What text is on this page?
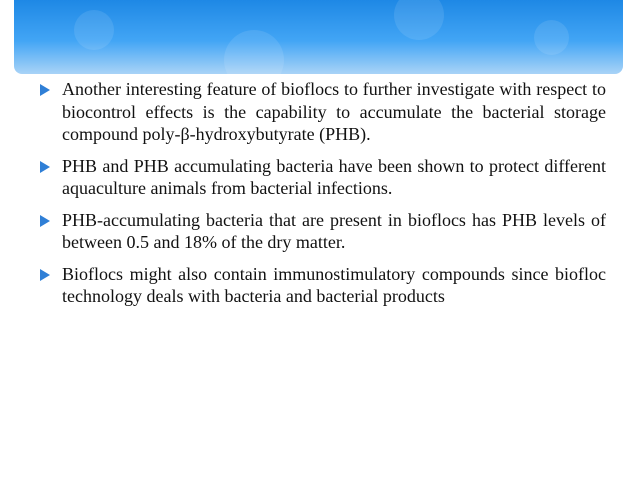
Another interesting feature of bioflocs to further investigate with respect to biocontrol effects is the capability to accumulate the bacterial storage compound poly-β-hydroxybutyrate (PHB).
PHB and PHB accumulating bacteria have been shown to protect different aquaculture animals from bacterial infections.
PHB-accumulating bacteria that are present in bioflocs has PHB levels of between 0.5 and 18% of the dry matter.
Bioflocs might also contain immunostimulatory compounds since biofloc technology deals with bacteria and bacterial products
